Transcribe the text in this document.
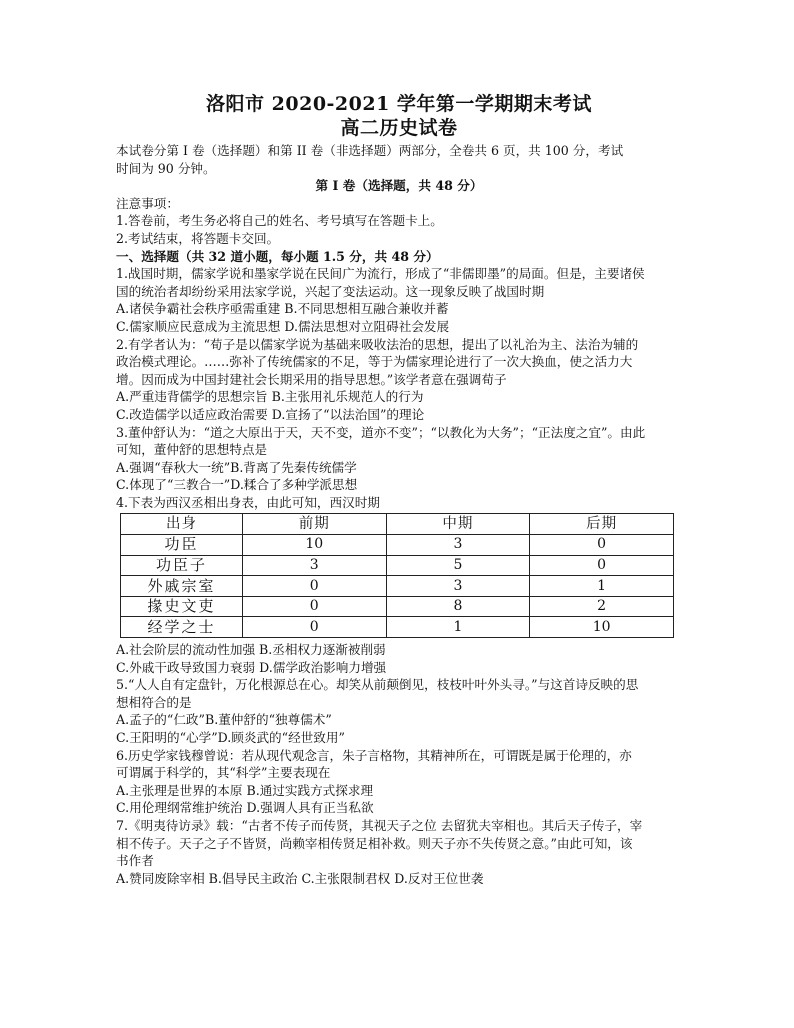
洛阳市 2020-2021 学年第一学期期末考试
高二历史试卷
本试卷分第 I 卷（选择题）和第 II 卷（非选择题）两部分，全卷共 6 页，共 100 分，考试
时间为 90 分钟。
第 I 卷（选择题，共 48 分）
注意事项：
1.答卷前，考生务必将自己的姓名、考号填写在答题卡上。
2.考试结束，将答题卡交回。
一、选择题（共 32 道小题，每小题 1.5 分，共 48 分）
1.战国时期，儒家学说和墨家学说在民间广为流行，形成了“非儒即墨”的局面。但是，主要诸侯
国的统治者却纷纷采用法家学说，兴起了变法运动。这一现象反映了战国时期
A.诸侯争霸社会秩序亟需重建 B.不同思想相互融合兼收并蓄
C.儒家顺应民意成为主流思想 D.儒法思想对立阻碍社会发展
2.有学者认为：“荀子是以儒家学说为基础来吸收法治的思想，提出了以礼治为主、法治为辅的
政治模式理论。……弥补了传统儒家的不足，等于为儒家理论进行了一次大换血，使之活力大
增。因而成为中国封建社会长期采用的指导思想。”该学者意在强调荀子
A.严重违背儒学的思想宗旨 B.主张用礼乐规范人的行为
C.改造儒学以适应政治需要 D.宣扬了“以法治国”的理论
3.董仲舒认为：“道之大原出于天，天不变，道亦不变”；“以教化为大务”；“正法度之宜”。由此
可知，董仲舒的思想特点是
A.强调“春秋大一统”B.背离了先秦传统儒学
C.体现了“三教合一”D.糅合了多种学派思想
4.下表为西汉丞相出身表，由此可知，西汉时期
出身	前期	中期	后期
功臣	10	3	0
功臣子	3	5	0
外戚宗室	0	3	1
掾史文吏	0	8	2
经学之士	0	1	10
A.社会阶层的流动性加强 B.丞相权力逐渐被削弱
C.外戚干政导致国力衰弱 D.儒学政治影响力增强
5.“人人自有定盘针，万化根源总在心。却笑从前颠倒见，枝枝叶叶外头寻。”与这首诗反映的思
想相符合的是
A.孟子的“仁政”B.董仲舒的“独尊儒术”
C.王阳明的“心学”D.顾炎武的“经世致用”
6.历史学家钱穆曾说：若从现代观念言，朱子言格物，其精神所在，可谓既是属于伦理的，亦
可谓属于科学的，其“科学”主要表现在
A.主张理是世界的本原 B.通过实践方式探求理
C.用伦理纲常维护统治 D.强调人具有正当私欲
7.《明夷待访录》载：“古者不传子而传贤，其视天子之位 去留犹夫宰相也。其后天子传子，宰
相不传子。天子之子不皆贤，尚赖宰相传贤足相补救。则天子亦不失传贤之意。”由此可知，该
书作者
A.赞同废除宰相 B.倡导民主政治 C.主张限制君权 D.反对王位世袭
